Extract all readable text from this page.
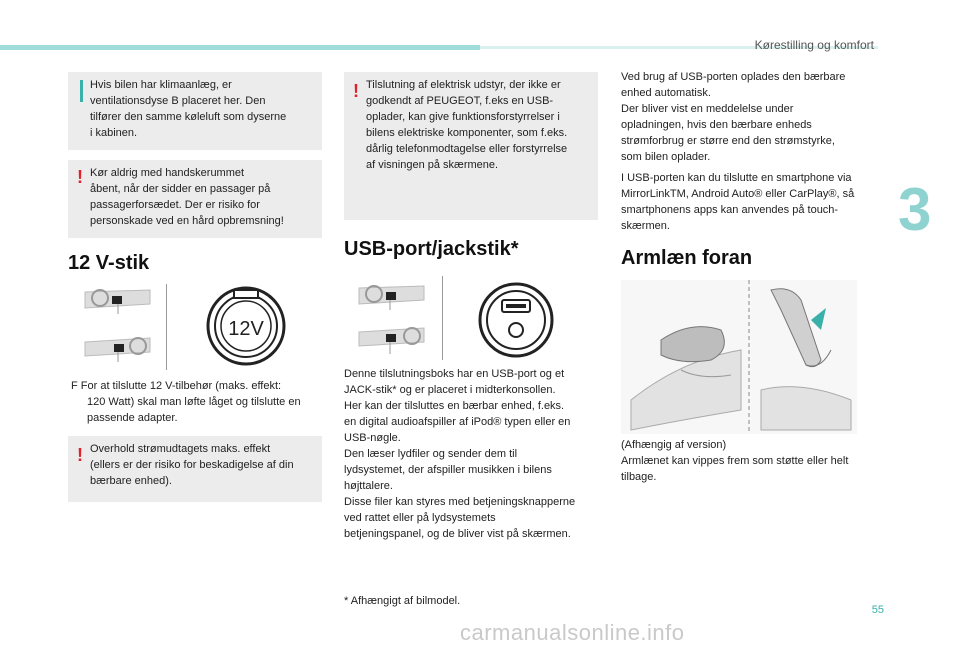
Kørestilling og komfort
3
55
Hvis bilen har klimaanlæg, er
ventilationsdyse B placeret her. Den
tilfører den samme køleluft som dyserne
i kabinen.
! Kør aldrig med handskerummet
åbent, når der sidder en passager på
passagerforsædet. Der er risiko for
personskade ved en hård opbremsning!
12 V-stik
12V
F For at tilslutte 12 V-tilbehør (maks. effekt:
120 Watt) skal man løfte låget og tilslutte en
passende adapter.
! Overhold strømudtagets maks. effekt
(ellers er der risiko for beskadigelse af din
bærbare enhed).
! Tilslutning af elektrisk udstyr, der ikke er
godkendt af PEUGEOT, f.eks en USB-
oplader, kan give funktionsforstyrrelser i
bilens elektriske komponenter, som f.eks.
dårlig telefonmodtagelse eller forstyrrelse
af visningen på skærmene.
USB-port/jackstik*
Denne tilslutningsboks har en USB-port og et
JACK-stik* og er placeret i midterkonsollen.
Her kan der tilsluttes en bærbar enhed, f.eks.
en digital audioafspiller af iPod® typen eller en
USB-nøgle.
Den læser lydfiler og sender dem til
lydsystemet, der afspiller musikken i bilens
højttalere.
Disse filer kan styres med betjeningsknapperne
ved rattet eller på lydsystemets
betjeningspanel, og de bliver vist på skærmen.
* Afhængigt af bilmodel.
Ved brug af USB-porten oplades den bærbare
enhed automatisk.
Der bliver vist en meddelelse under
opladningen, hvis den bærbare enheds
strømforbrug er større end den strømstyrke,
som bilen oplader.
I USB-porten kan du tilslutte en smartphone via
MirrorLinkTM, Android Auto® eller CarPlay®, så
smartphonens apps kan anvendes på touch-
skærmen.
Armlæn foran
(Afhængig af version)
Armlænet kan vippes frem som støtte eller helt
tilbage.
carmanualsonline.info
